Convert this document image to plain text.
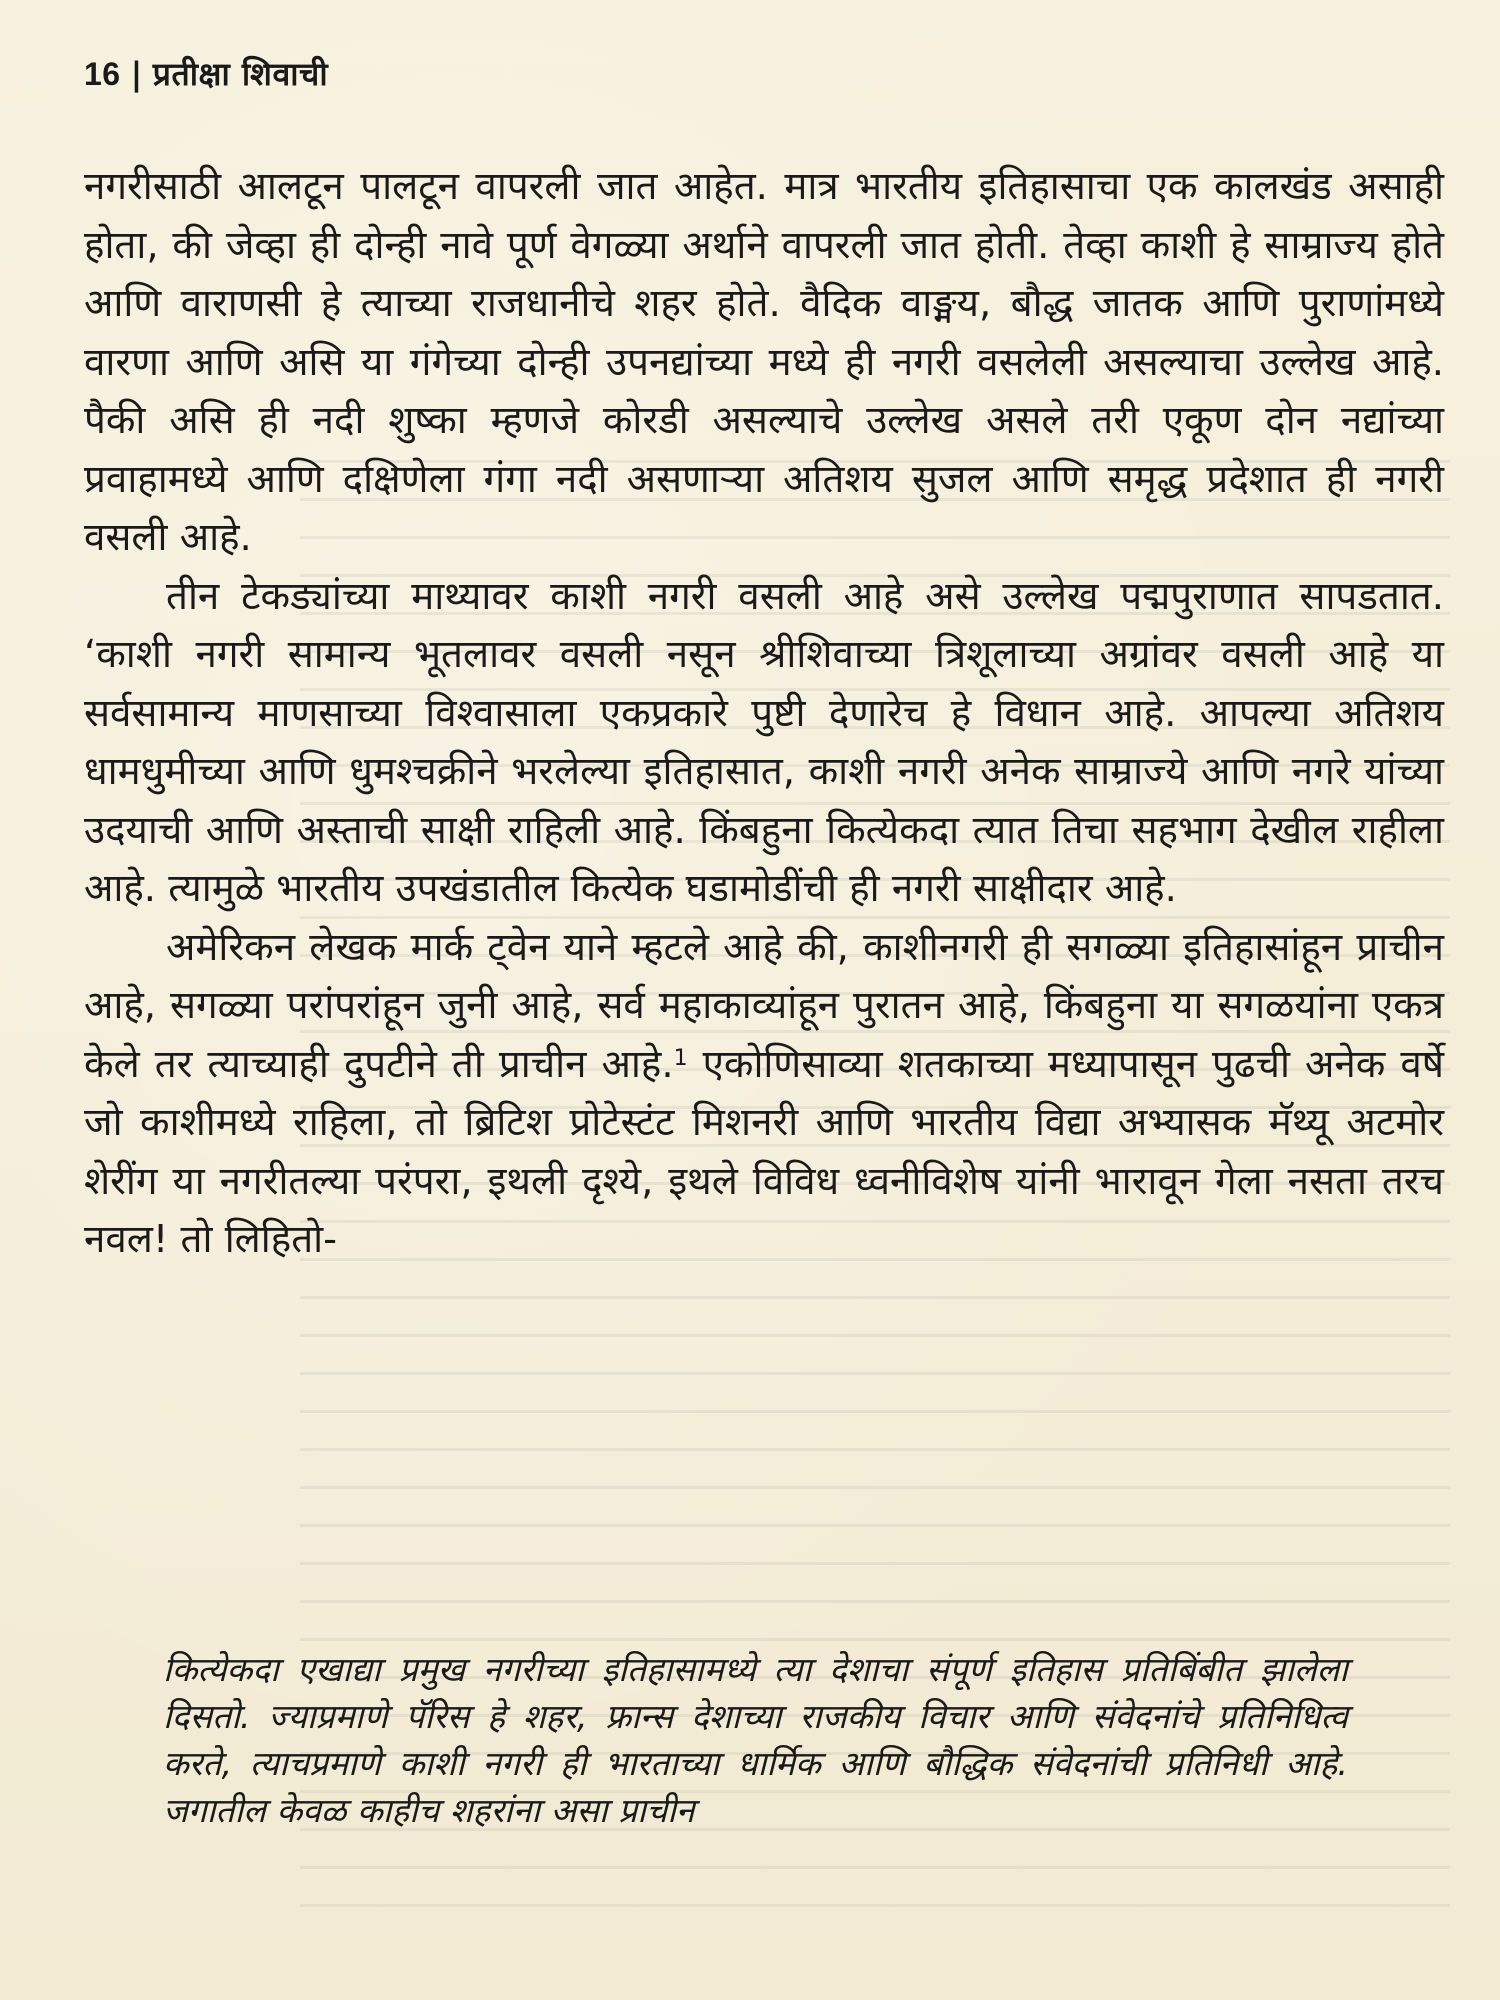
16 | प्रतीक्षा शिवाची

नगरीसाठी आलटून पालटून वापरली जात आहेत. मात्र भारतीय इतिहासाचा एक कालखंड असाही होता, की जेव्हा ही दोन्ही नावे पूर्ण वेगळ्या अर्थाने वापरली जात होती. तेव्हा काशी हे साम्राज्य होते आणि वाराणसी हे त्याच्या राजधानीचे शहर होते. वैदिक वाङ्मय, बौद्ध जातक आणि पुराणांमध्ये वारणा आणि असि या गंगेच्या दोन्ही उपनद्यांच्या मध्ये ही नगरी वसलेली असल्याचा उल्लेख आहे. पैकी असि ही नदी शुष्का म्हणजे कोरडी असल्याचे उल्लेख असले तरी एकूण दोन नद्यांच्या प्रवाहामध्ये आणि दक्षिणेला गंगा नदी असणाऱ्या अतिशय सुजल आणि समृद्ध प्रदेशात ही नगरी वसली आहे.

तीन टेकड्यांच्या माथ्यावर काशी नगरी वसली आहे असे उल्लेख पद्मपुराणात सापडतात. ‘काशी नगरी सामान्य भूतलावर वसली नसून श्रीशिवाच्या त्रिशूलाच्या अग्रांवर वसली आहे या सर्वसामान्य माणसाच्या विश्वासाला एकप्रकारे पुष्टी देणारेच हे विधान आहे. आपल्या अतिशय धामधुमीच्या आणि धुमश्चक्रीने भरलेल्या इतिहासात, काशी नगरी अनेक साम्राज्ये आणि नगरे यांच्या उदयाची आणि अस्ताची साक्षी राहिली आहे. किंबहुना कित्येकदा त्यात तिचा सहभाग देखील राहीला आहे. त्यामुळे भारतीय उपखंडातील कित्येक घडामोडींची ही नगरी साक्षीदार आहे.

अमेरिकन लेखक मार्क ट्वेन याने म्हटले आहे की, काशीनगरी ही सगळ्या इतिहासांहून प्राचीन आहे, सगळ्या परांपरांहून जुनी आहे, सर्व महाकाव्यांहून पुरातन आहे, किंबहुना या सगळयांना एकत्र केले तर त्याच्याही दुपटीने ती प्राचीन आहे.$^1$ एकोणिसाव्या शतकाच्या मध्यापासून पुढची अनेक वर्षे जो काशीमध्ये राहिला, तो ब्रिटिश प्रोटेस्टंट मिशनरी आणि भारतीय विद्या अभ्यासक मॅथ्यू अटमोर शेरींग या नगरीतल्या परंपरा, इथली दृश्ये, इथले विविध ध्वनीविशेष यांनी भारावून गेला नसता तरच नवल! तो लिहितो-

कित्येकदा एखाद्या प्रमुख नगरीच्या इतिहासामध्ये त्या देशाचा संपूर्ण इतिहास प्रतिबिंबीत झालेला दिसतो. ज्याप्रमाणे पॅरिस हे शहर, फ्रान्स देशाच्या राजकीय विचार आणि संवेदनांचे प्रतिनिधित्व करते, त्याचप्रमाणे काशी नगरी ही भारताच्या धार्मिक आणि बौद्धिक संवेदनांची प्रतिनिधी आहे. जगातील केवळ काहीच शहरांना असा प्राचीन
